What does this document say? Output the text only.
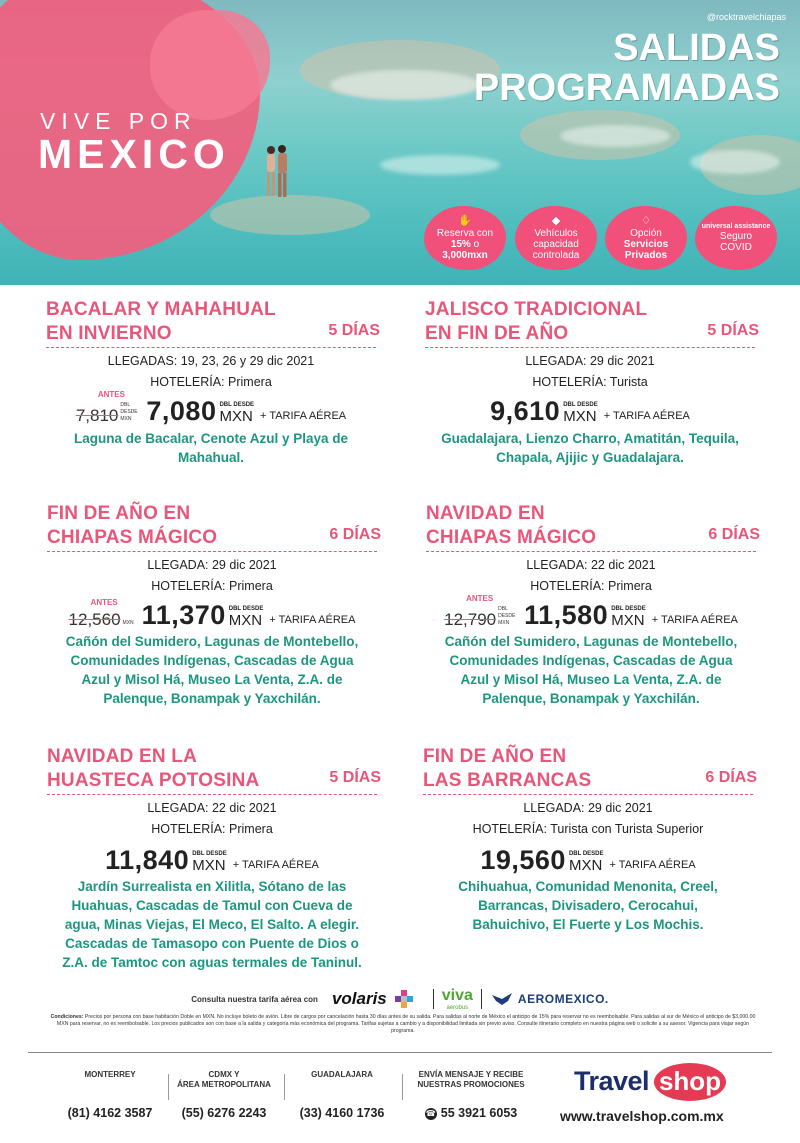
VIVE POR
MEXICO
@rocktravelchiapas
SALIDAS
PROGRAMADAS
✋
Reserva con
15% o
3,000mxn
◆
Vehículos
capacidad
controlada
♢
Opción
Servicios
Privados
universal assistance
Seguro
COVID
BACALAR Y MAHAHUAL
EN INVIERNO	5 DÍAS
LLEGADAS: 19, 23, 26 y 29 dic 2021
HOTELERÍA: Primera
ANTES
7,810
DBL DESDE MXN 7,080 DBL DESDE
MXN + TARIFA AÉREA
Laguna de Bacalar, Cenote Azul y Playa de
Mahahual.
JALISCO TRADICIONAL
EN FIN DE AÑO	5 DÍAS
LLEGADA: 29 dic 2021
HOTELERÍA: Turista
9,610 DBL DESDE
MXN + TARIFA AÉREA
Guadalajara, Lienzo Charro, Amatitán, Tequila,
Chapala, Ajijic y Guadalajara.
FIN DE AÑO EN
CHIAPAS MÁGICO	6 DÍAS
LLEGADA: 29 dic 2021
HOTELERÍA: Primera
ANTES
12,560 MXN 11,370 DBL DESDE
MXN + TARIFA AÉREA
Cañón del Sumidero, Lagunas de Montebello,
Comunidades Indígenas, Cascadas de Agua
Azul y Misol Há, Museo La Venta, Z.A. de
Palenque, Bonampak y Yaxchilán.
NAVIDAD EN
CHIAPAS MÁGICO	6 DÍAS
LLEGADA: 22 dic 2021
HOTELERÍA: Primera
ANTES
12,790
DBL DESDE MXN 11,580 DBL DESDE
MXN + TARIFA AÉREA
Cañón del Sumidero, Lagunas de Montebello,
Comunidades Indígenas, Cascadas de Agua
Azul y Misol Há, Museo La Venta, Z.A. de
Palenque, Bonampak y Yaxchilán.
NAVIDAD EN LA
HUASTECA POTOSINA	5 DÍAS
LLEGADA: 22 dic 2021
HOTELERÍA: Primera
11,840 DBL DESDE
MXN + TARIFA AÉREA
Jardín Surrealista en Xilitla, Sótano de las
Huahuas, Cascadas de Tamul con Cueva de
agua, Minas Viejas, El Meco, El Salto. A elegir.
Cascadas de Tamasopo con Puente de Dios o
Z.A. de Tamtoc con aguas termales de Taninul.
FIN DE AÑO EN
LAS BARRANCAS	6 DÍAS
LLEGADA: 29 dic 2021
HOTELERÍA: Turista con Turista Superior
19,560 DBL DESDE
MXN + TARIFA AÉREA
Chihuahua, Comunidad Menonita, Creel,
Barrancas, Divisadero, Cerocahui,
Bahuichivo, El Fuerte y Los Mochis.
Consulta nuestra tarifa aérea con volaris	viva
aerobus
AEROMEXICO.
Condiciones: Precios por persona con base habitación Doble en MXN. No incluye boleto de avión. Libre de cargos por cancelación hasta 30 días antes de su salida. Para salidas al norte de México el anticipo de 15% para reservar no es reembolsable. Para salidas al sur de México el anticipo de $3,000.00 MXN para reservar, no es reembolsable. Los precios publicados son con base a la salida y categoría más económica del programa. Tarifas sujetas a cambio y a disponibilidad limitada sin previo aviso. Consulte itinerario completo en nuestra página web o solicite a su asesor. Vigencia para viajar según programa.
MONTERREY
(81) 4162 3587
CDMX Y
ÁREA METROPOLITANA
(55) 6276 2243
GUADALAJARA
(33) 4160 1736
ENVÍA MENSAJE Y RECIBE
NUESTRAS PROMOCIONES
☎ 55 3921 6053
Travel shop
www.travelshop.com.mx
